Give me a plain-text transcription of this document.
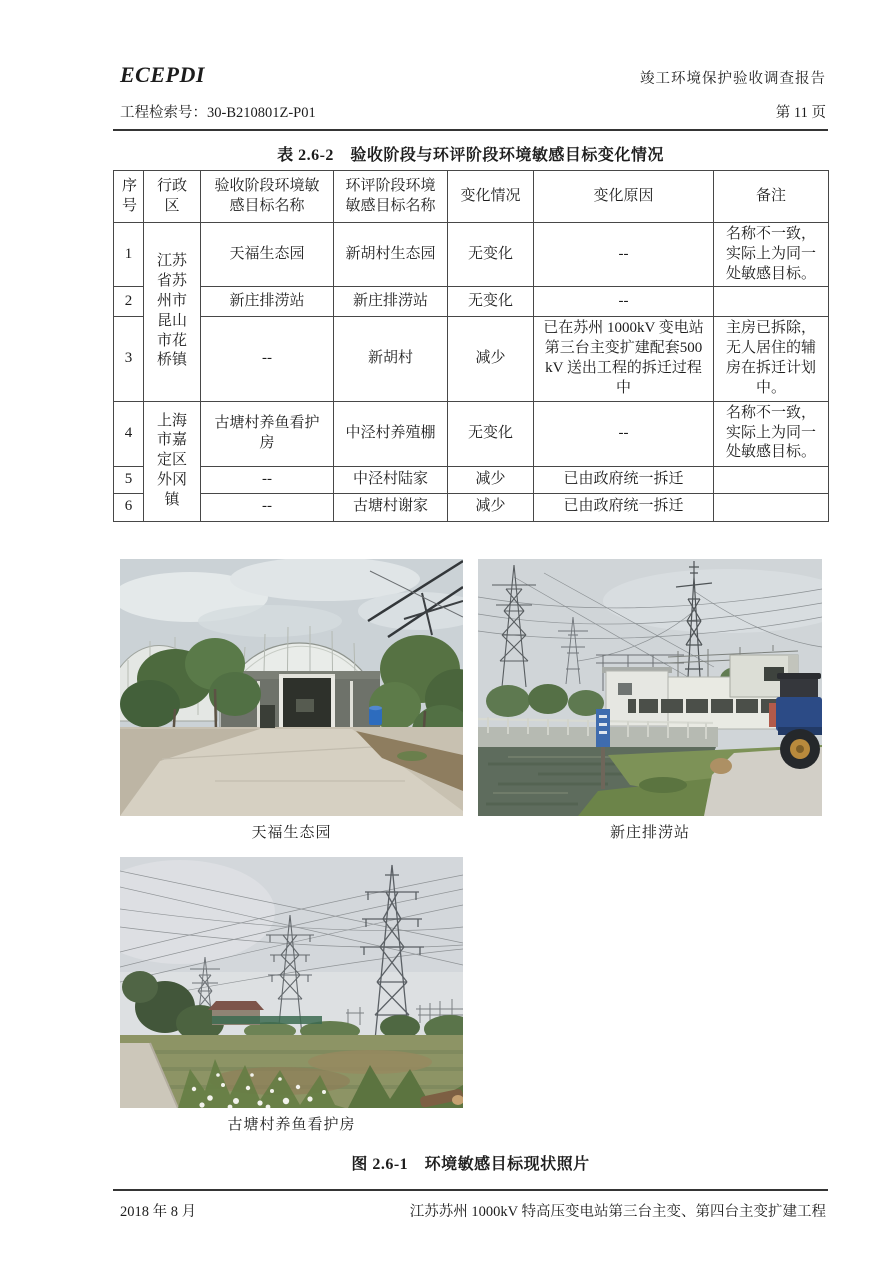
ECEPDI	竣工环境保护验收调查报告
工程检索号：30-B210801Z-P01	第 11 页
表 2.6-2　验收阶段与环评阶段环境敏感目标变化情况
序号	行政区	验收阶段环境敏感目标名称	环评阶段环境敏感目标名称	变化情况	变化原因	备注
1	江苏省苏州市昆山市花桥镇	天福生态园	新胡村生态园	无变化	--	名称不一致，实际上为同一处敏感目标。
2		新庄排涝站	新庄排涝站	无变化	--	
3		--	新胡村	减少	已在苏州 1000kV 变电站第三台主变扩建配套500kV 送出工程的拆迁过程中	主房已拆除，无人居住的辅房在拆迁计划中。
4	上海市嘉定区外冈镇	古塘村养鱼看护房	中泾村养殖棚	无变化	--	名称不一致，实际上为同一处敏感目标。
5		--	中泾村陆家	减少	已由政府统一拆迁	
6		--	古塘村谢家	减少	已由政府统一拆迁	
天福生态园	新庄排涝站
古塘村养鱼看护房
图 2.6-1　环境敏感目标现状照片
2018 年 8 月	江苏苏州 1000kV 特高压变电站第三台主变、第四台主变扩建工程
